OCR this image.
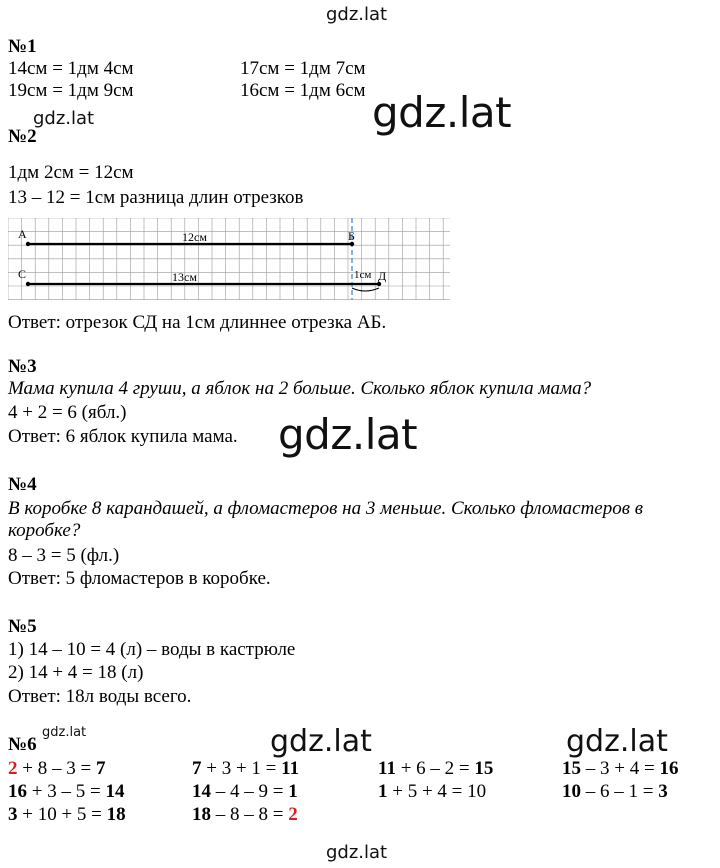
gdz.lat
gdz.lat	gdz.lat
gdz.lat
gdz.lat	gdz.lat
gdz.lat
gdz.lat
№1
14см = 1дм 4см	17см = 1дм 7см
19см = 1дм 9см	16см = 1дм 6см
№2
1дм 2см = 12см
13 – 12 = 1см разница длин отрезков
А	Б
С	Д
12см
13см	1см
Ответ: отрезок СД на 1см длиннее отрезка АБ.
№3
Мама купила 4 груши, а яблок на 2 больше. Сколько яблок купила мама?
4 + 2 = 6 (ябл.)
Ответ: 6 яблок купила мама.
№4
В коробке 8 карандашей, а фломастеров на 3 меньше. Сколько фломастеров в
коробке?
8 – 3 = 5 (фл.)
Ответ: 5 фломастеров в коробке.
№5
1) 14 – 10 = 4 (л) – воды в кастрюле
2) 14 + 4 = 18 (л)
Ответ: 18л воды всего.
№6
2 + 8 – 3 = 7	7 + 3 + 1 = 11	11 + 6 – 2 = 15	15 – 3 + 4 = 16
16 + 3 – 5 = 14	14 – 4 – 9 = 1	1 + 5 + 4 = 10	10 – 6 – 1 = 3
3 + 10 + 5 = 18	18 – 8 – 8 = 2
